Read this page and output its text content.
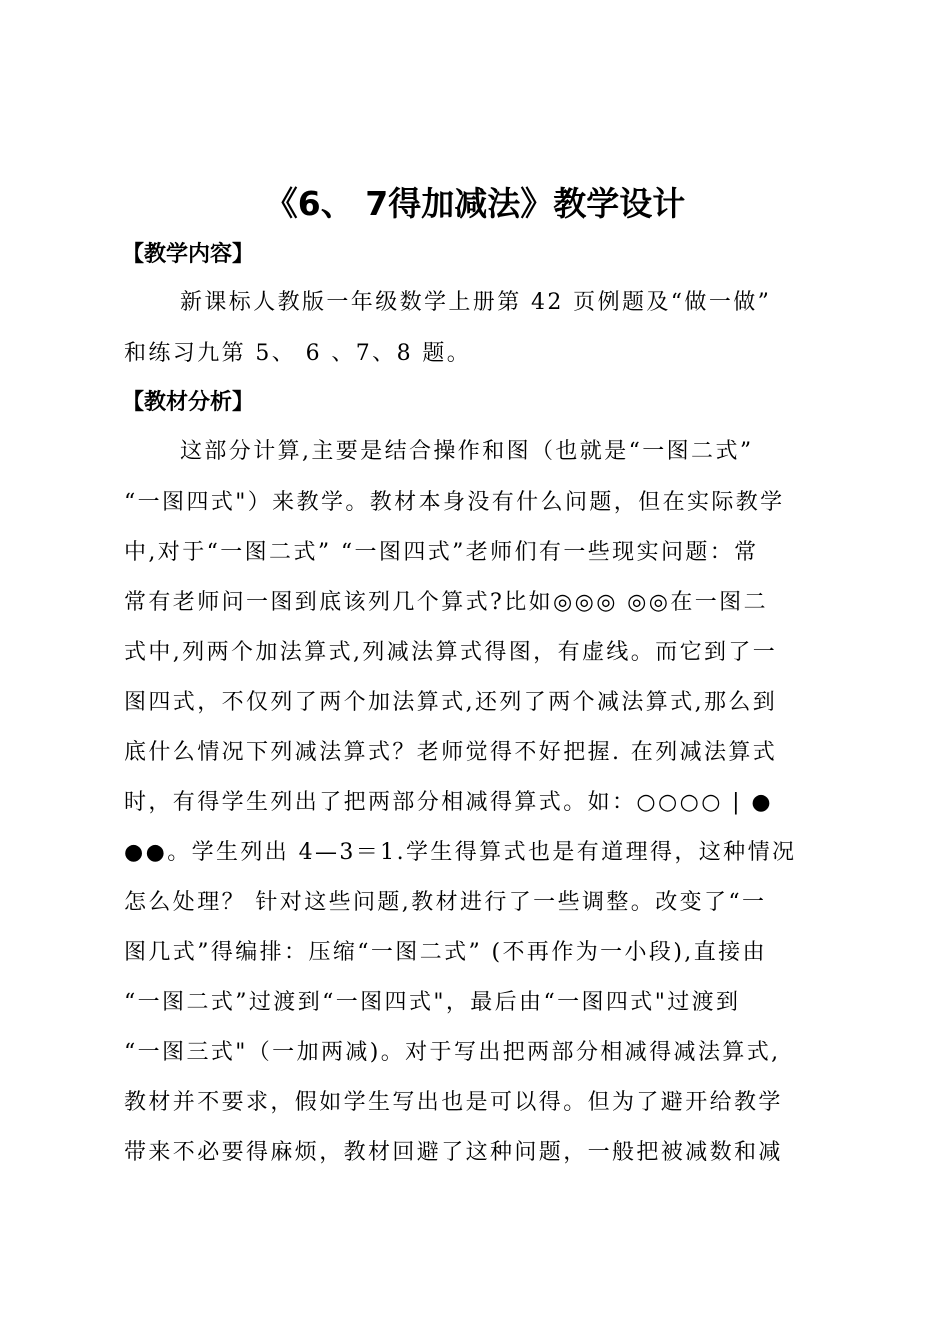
《6、 7得加减法》教学设计
【教学内容】
新课标人教版一年级数学上册第 42 页例题及“做一做”
和练习九第 5、 6 、7、8 题。
【教材分析】
这部分计算,主要是结合操作和图（也就是“一图二式”
“一图四式"）来教学。教材本身没有什么问题，但在实际教学
中,对于“一图二式” “一图四式”老师们有一些现实问题：常
常有老师问一图到底该列几个算式?比如◎◎◎ ◎◎在一图二
式中,列两个加法算式,列减法算式得图，有虚线。而它到了一
图四式，不仅列了两个加法算式,还列了两个减法算式,那么到
底什么情况下列减法算式？老师觉得不好把握. 在列减法算式
时，有得学生列出了把两部分相减得算式。如：○○○○ | ●
●●。学生列出 4—3＝1.学生得算式也是有道理得，这种情况
怎么处理？ 针对这些问题,教材进行了一些调整。改变了“一
图几式”得编排：压缩“一图二式” (不再作为一小段),直接由
“一图二式”过渡到“一图四式"，最后由“一图四式"过渡到
“一图三式"（一加两减)。对于写出把两部分相减得减法算式,
教材并不要求，假如学生写出也是可以得。但为了避开给教学
带来不必要得麻烦，教材回避了这种问题，一般把被减数和减
